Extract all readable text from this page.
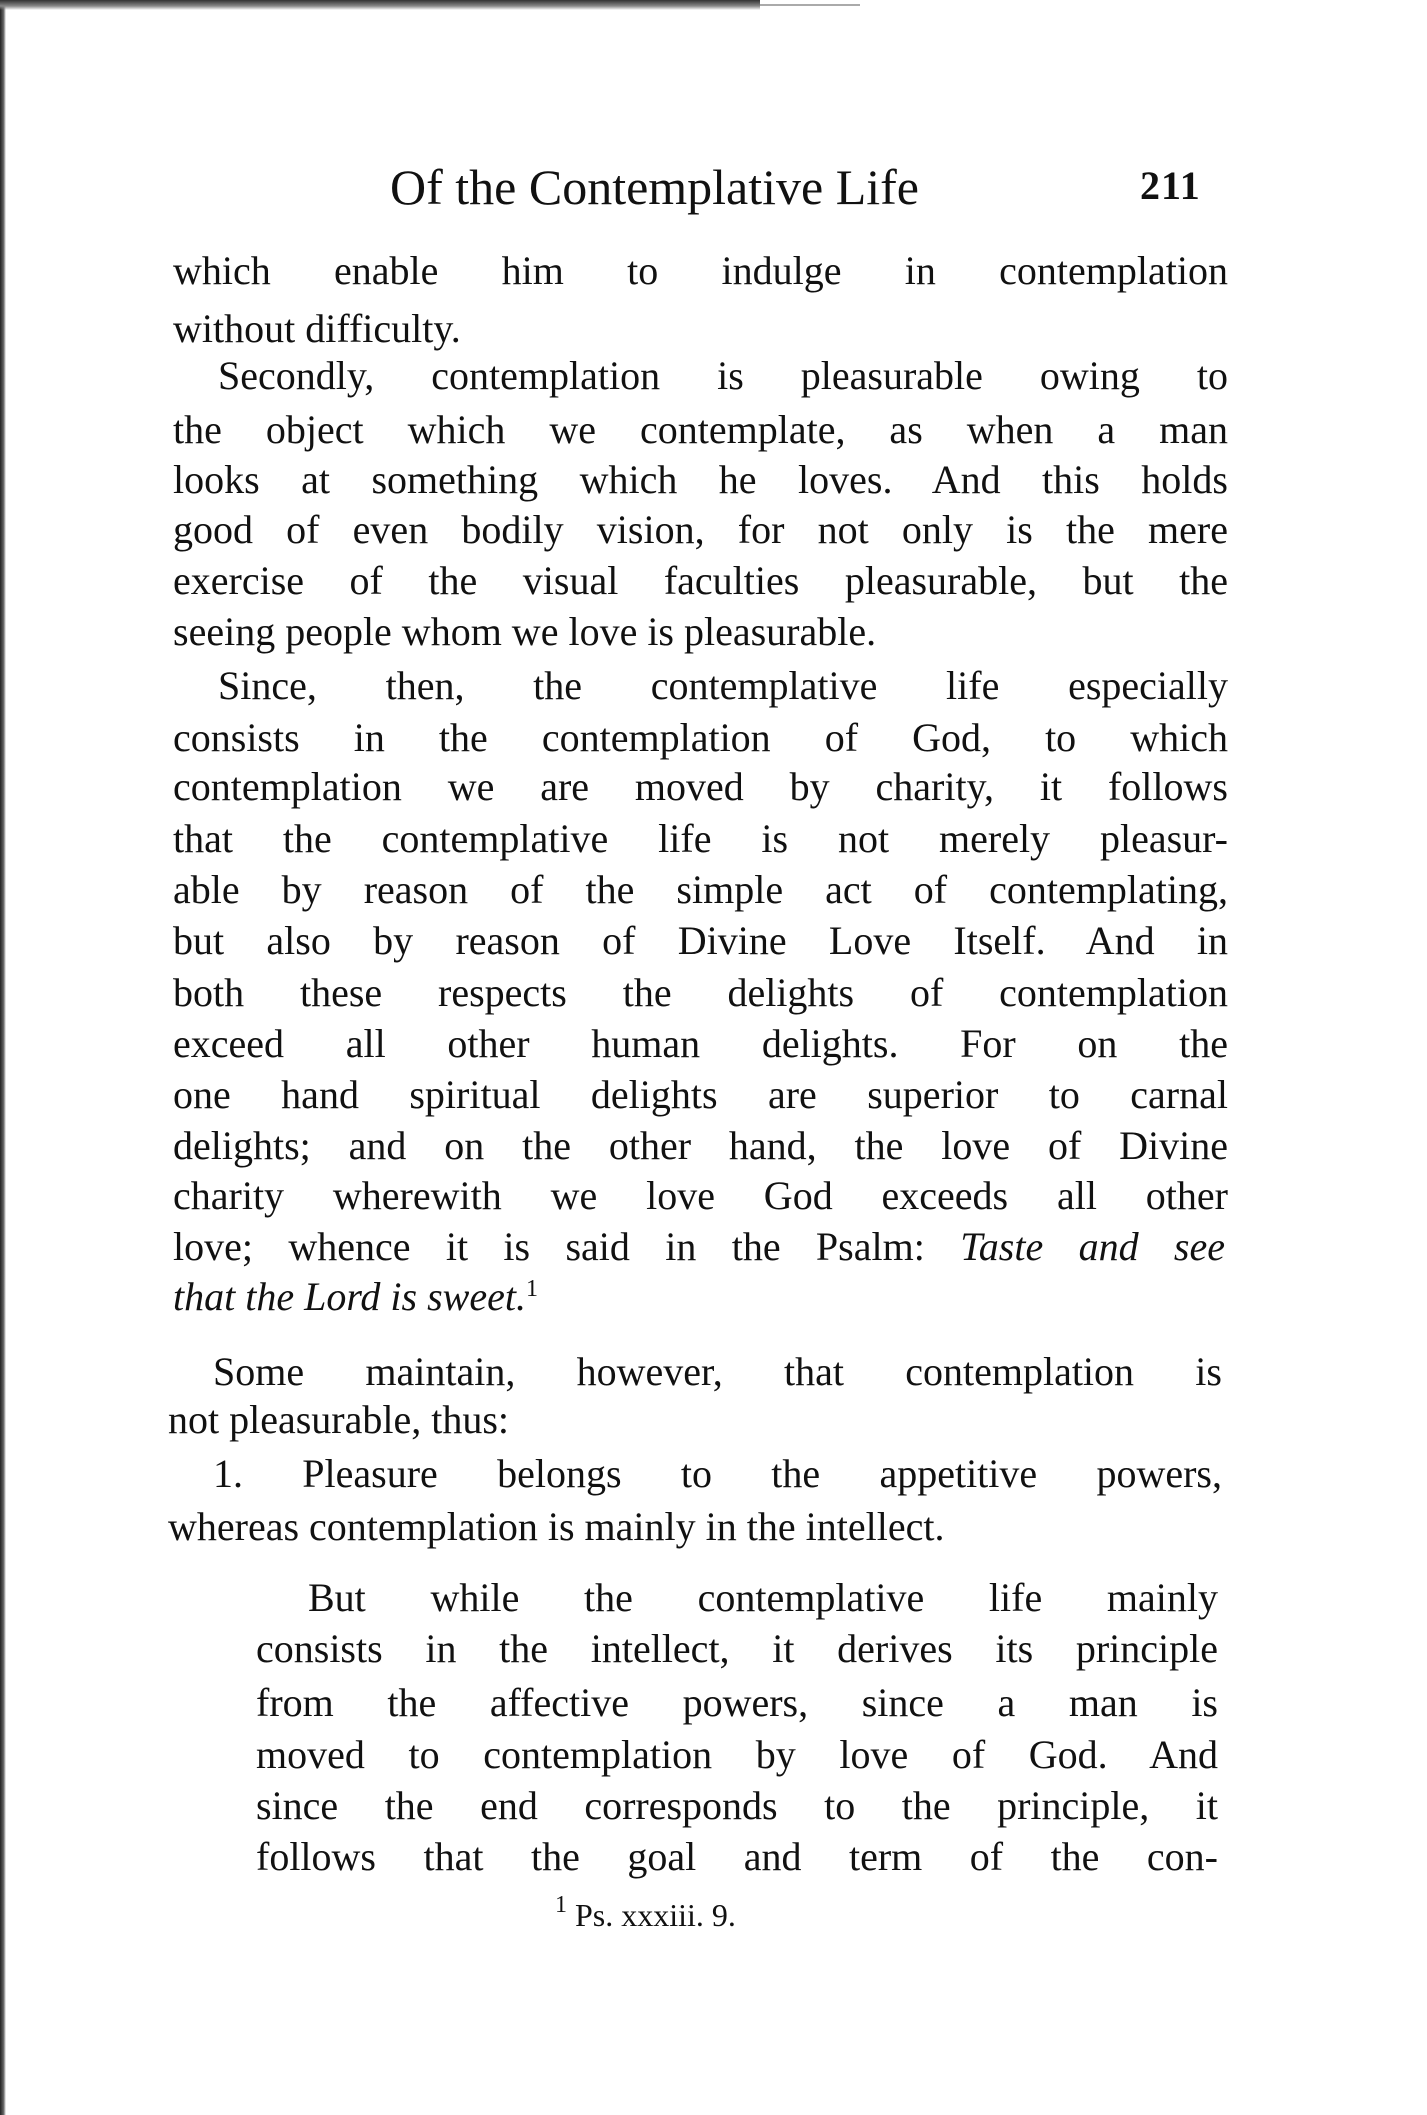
Of the Contemplative Life	211
which enable him to indulge in contemplation
without difficulty.
Secondly, contemplation is pleasurable owing to
the object which we contemplate, as when a man
looks at something which he loves. And this holds
good of even bodily vision, for not only is the mere
exercise of the visual faculties pleasurable, but the
seeing people whom we love is pleasurable.
Since, then, the contemplative life especially
consists in the contemplation of God, to which
contemplation we are moved by charity, it follows
that the contemplative life is not merely pleasur-
able by reason of the simple act of contemplating,
but also by reason of Divine Love Itself. And in
both these respects the delights of contemplation
exceed all other human delights. For on the
one hand spiritual delights are superior to carnal
delights; and on the other hand, the love of Divine
charity wherewith we love God exceeds all other
love; whence it is said in the Psalm: Taste and see
that the Lord is sweet.$^1$
Some maintain, however, that contemplation is
not pleasurable, thus:
1. Pleasure belongs to the appetitive powers,
whereas contemplation is mainly in the intellect.
But while the contemplative life mainly
consists in the intellect, it derives its principle
from the affective powers, since a man is
moved to contemplation by love of God. And
since the end corresponds to the principle, it
follows that the goal and term of the con-
$^1$ Ps. xxxiii. 9.
